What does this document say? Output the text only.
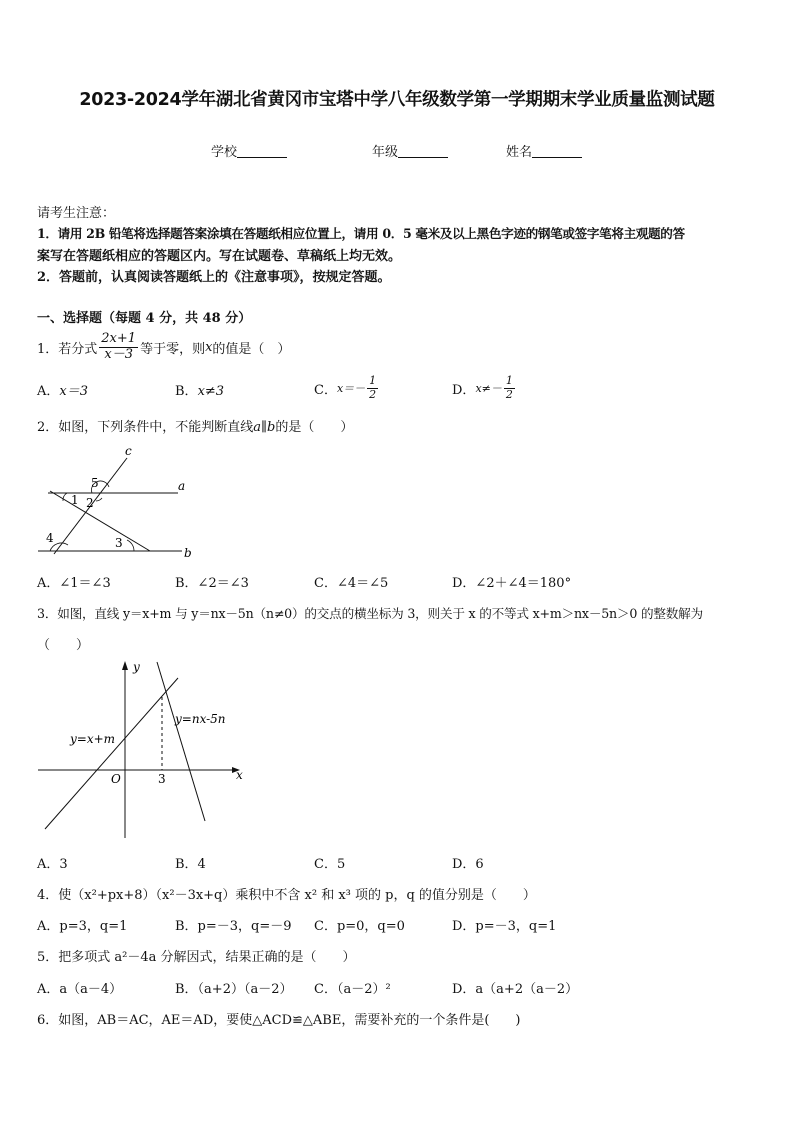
2023-2024学年湖北省黄冈市宝塔中学八年级数学第一学期期末学业质量监测试题
学校	年级	姓名
请考生注意：
1．请用 2B 铅笔将选择题答案涂填在答题纸相应位置上，请用 0．5 毫米及以上黑色字迹的钢笔或签字笔将主观题的答
案写在答题纸相应的答题区内。写在试题卷、草稿纸上均无效。
2．答题前，认真阅读答题纸上的《注意事项》，按规定答题。
一、选择题（每题 4 分，共 48 分）
1．若分式 $\frac{2x+1}{x-3}$ 等于零，则 x 的值是（　）
A．x＝3	B．x≠3	C． $x=- \frac{1}{2}$	D． $x\ne- \frac{1}{2}$
2．如图，下列条件中，不能判断直线a∥b的是（　　）
c
a
b
1 2
3
4
5
A．∠1＝∠3	B．∠2＝∠3	C．∠4＝∠5	D．∠2＋∠4＝180°
3．如图，直线 y＝x+m 与 y＝nx－5n（n≠0）的交点的横坐标为 3，则关于 x 的不等式 x+m＞nx－5n＞0 的整数解为
（　　）
y
x
O	3
y=x+m
y=nx-5n
A．3	B．4	C．5	D．6
4．使（x²+px+8）（x²－3x+q）乘积中不含 x² 和 x³ 项的 p，q 的值分别是（　　）
A．p=3，q=1	B．p=－3，q=－9 C．p=0，q=0	D．p=－3，q=1
5．把多项式 a²－4a 分解因式，结果正确的是（　　）
A．a（a－4）	B．（a+2）（a－2） C．（a－2）²	D．a（a+2（a－2）
6．如图，AB＝AC，AE＝AD，要使△ACD≌△ABE，需要补充的一个条件是(　　)
